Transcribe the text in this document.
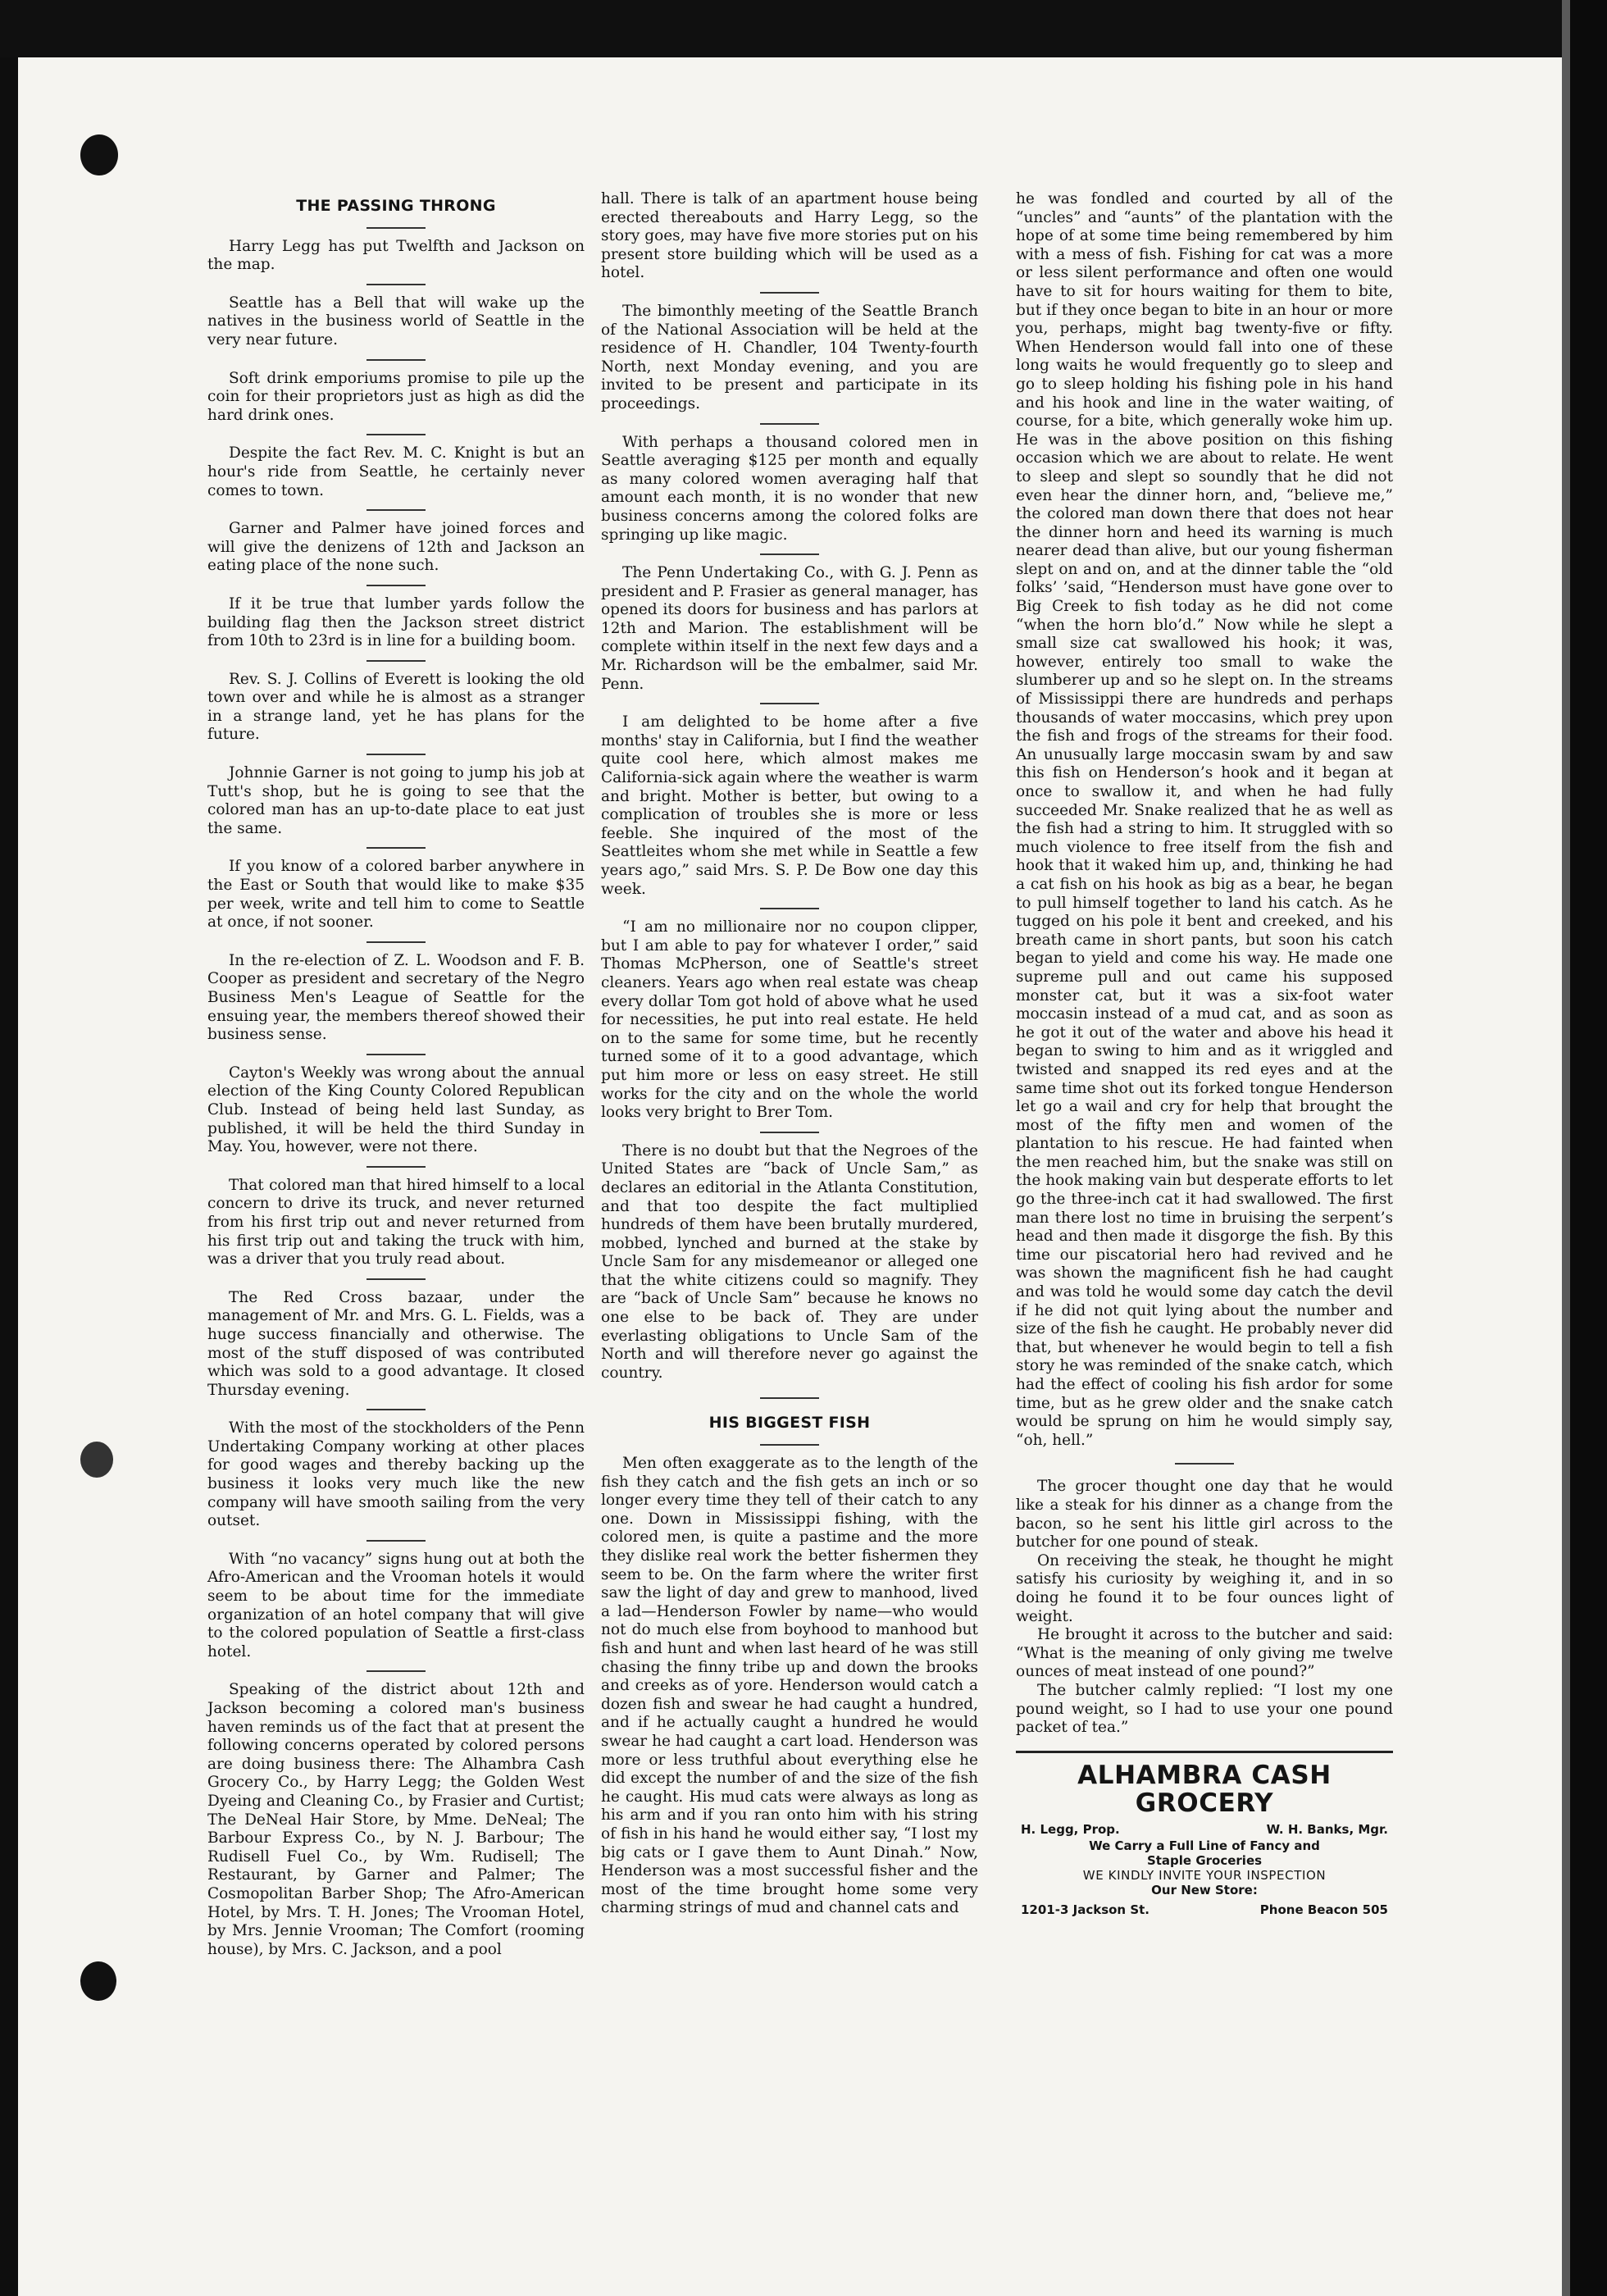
THE PASSING THRONG

Harry Legg has put Twelfth and Jackson on the map.

Seattle has a Bell that will wake up the natives in the business world of Seattle in the very near future.

Soft drink emporiums promise to pile up the coin for their proprietors just as high as did the hard drink ones.

Despite the fact Rev. M. C. Knight is but an hour's ride from Seattle, he certainly never comes to town.

Garner and Palmer have joined forces and will give the denizens of 12th and Jackson an eating place of the none such.

If it be true that lumber yards follow the building flag then the Jackson street district from 10th to 23rd is in line for a building boom.

Rev. S. J. Collins of Everett is looking the old town over and while he is almost as a stranger in a strange land, yet he has plans for the future.

Johnnie Garner is not going to jump his job at Tutt's shop, but he is going to see that the colored man has an up-to-date place to eat just the same.

If you know of a colored barber anywhere in the East or South that would like to make $35 per week, write and tell him to come to Seattle at once, if not sooner.

In the re-election of Z. L. Woodson and F. B. Cooper as president and secretary of the Negro Business Men's League of Seattle for the ensuing year, the members thereof showed their business sense.

Cayton's Weekly was wrong about the annual election of the King County Colored Republican Club. Instead of being held last Sunday, as published, it will be held the third Sunday in May. You, however, were not there.

That colored man that hired himself to a local concern to drive its truck, and never returned from his first trip out and never returned from his first trip out and taking the truck with him, was a driver that you truly read about.

The Red Cross bazaar, under the management of Mr. and Mrs. G. L. Fields, was a huge success financially and otherwise. The most of the stuff disposed of was contributed which was sold to a good advantage. It closed Thursday evening.

With the most of the stockholders of the Penn Undertaking Company working at other places for good wages and thereby backing up the business it looks very much like the new company will have smooth sailing from the very outset.

With “no vacancy” signs hung out at both the Afro-American and the Vrooman hotels it would seem to be about time for the immediate organization of an hotel company that will give to the colored population of Seattle a first-class hotel.

Speaking of the district about 12th and Jackson becoming a colored man's business haven reminds us of the fact that at present the following concerns operated by colored persons are doing business there: The Alhambra Cash Grocery Co., by Harry Legg; the Golden West Dyeing and Cleaning Co., by Frasier and Curtist; The DeNeal Hair Store, by Mme. DeNeal; The Barbour Express Co., by N. J. Barbour; The Rudisell Fuel Co., by Wm. Rudisell; The Restaurant, by Garner and Palmer; The Cosmopolitan Barber Shop; The Afro-American Hotel, by Mrs. T. H. Jones; The Vrooman Hotel, by Mrs. Jennie Vrooman; The Comfort (rooming house), by Mrs. C. Jackson, and a pool

hall. There is talk of an apartment house being erected thereabouts and Harry Legg, so the story goes, may have five more stories put on his present store building which will be used as a hotel.

The bimonthly meeting of the Seattle Branch of the National Association will be held at the residence of H. Chandler, 104 Twenty-fourth North, next Monday evening, and you are invited to be present and participate in its proceedings.

With perhaps a thousand colored men in Seattle averaging $125 per month and equally as many colored women averaging half that amount each month, it is no wonder that new business concerns among the colored folks are springing up like magic.

The Penn Undertaking Co., with G. J. Penn as president and P. Frasier as general manager, has opened its doors for business and has parlors at 12th and Marion. The establishment will be complete within itself in the next few days and a Mr. Richardson will be the embalmer, said Mr. Penn.

I am delighted to be home after a five months' stay in California, but I find the weather quite cool here, which almost makes me California-sick again where the weather is warm and bright. Mother is better, but owing to a complication of troubles she is more or less feeble. She inquired of the most of the Seattleites whom she met while in Seattle a few years ago,” said Mrs. S. P. De Bow one day this week.

“I am no millionaire nor no coupon clipper, but I am able to pay for whatever I order,” said Thomas McPherson, one of Seattle's street cleaners. Years ago when real estate was cheap every dollar Tom got hold of above what he used for necessities, he put into real estate. He held on to the same for some time, but he recently turned some of it to a good advantage, which put him more or less on easy street. He still works for the city and on the whole the world looks very bright to Brer Tom.

There is no doubt but that the Negroes of the United States are “back of Uncle Sam,” as declares an editorial in the Atlanta Constitution, and that too despite the fact multiplied hundreds of them have been brutally murdered, mobbed, lynched and burned at the stake by Uncle Sam for any misdemeanor or alleged one that the white citizens could so magnify. They are “back of Uncle Sam” because he knows no one else to be back of. They are under everlasting obligations to Uncle Sam of the North and will therefore never go against the country.

HIS BIGGEST FISH

Men often exaggerate as to the length of the fish they catch and the fish gets an inch or so longer every time they tell of their catch to any one. Down in Mississippi fishing, with the colored men, is quite a pastime and the more they dislike real work the better fishermen they seem to be. On the farm where the writer first saw the light of day and grew to manhood, lived a lad—Henderson Fowler by name—who would not do much else from boyhood to manhood but fish and hunt and when last heard of he was still chasing the finny tribe up and down the brooks and creeks as of yore. Henderson would catch a dozen fish and swear he had caught a hundred, and if he actually caught a hundred he would swear he had caught a cart load. Henderson was more or less truthful about everything else he did except the number of and the size of the fish he caught. His mud cats were always as long as his arm and if you ran onto him with his string of fish in his hand he would either say, “I lost my big cats or I gave them to Aunt Dinah.” Now, Henderson was a most successful fisher and the most of the time brought home some very charming strings of mud and channel cats and

he was fondled and courted by all of the “uncles” and “aunts” of the plantation with the hope of at some time being remembered by him with a mess of fish. Fishing for cat was a more or less silent performance and often one would have to sit for hours waiting for them to bite, but if they once began to bite in an hour or more you, perhaps, might bag twenty-five or fifty. When Henderson would fall into one of these long waits he would frequently go to sleep and go to sleep holding his fishing pole in his hand and his hook and line in the water waiting, of course, for a bite, which generally woke him up. He was in the above position on this fishing occasion which we are about to relate. He went to sleep and slept so soundly that he did not even hear the dinner horn, and, “believe me,” the colored man down there that does not hear the dinner horn and heed its warning is much nearer dead than alive, but our young fisherman slept on and on, and at the dinner table the “old folks’ ’said, “Henderson must have gone over to Big Creek to fish today as he did not come “when the horn blo’d.” Now while he slept a small size cat swallowed his hook; it was, however, entirely too small to wake the slumberer up and so he slept on. In the streams of Mississippi there are hundreds and perhaps thousands of water moccasins, which prey upon the fish and frogs of the streams for their food. An unusually large moccasin swam by and saw this fish on Henderson’s hook and it began at once to swallow it, and when he had fully succeeded Mr. Snake realized that he as well as the fish had a string to him. It struggled with so much violence to free itself from the fish and hook that it waked him up, and, thinking he had a cat fish on his hook as big as a bear, he began to pull himself together to land his catch. As he tugged on his pole it bent and creeked, and his breath came in short pants, but soon his catch began to yield and come his way. He made one supreme pull and out came his supposed monster cat, but it was a six-foot water moccasin instead of a mud cat, and as soon as he got it out of the water and above his head it began to swing to him and as it wriggled and twisted and snapped its red eyes and at the same time shot out its forked tongue Henderson let go a wail and cry for help that brought the most of the fifty men and women of the plantation to his rescue. He had fainted when the men reached him, but the snake was still on the hook making vain but desperate efforts to let go the three-inch cat it had swallowed. The first man there lost no time in bruising the serpent’s head and then made it disgorge the fish. By this time our piscatorial hero had revived and he was shown the magnificent fish he had caught and was told he would some day catch the devil if he did not quit lying about the number and size of the fish he caught. He probably never did that, but whenever he would begin to tell a fish story he was reminded of the snake catch, which had the effect of cooling his fish ardor for some time, but as he grew older and the snake catch would be sprung on him he would simply say, “oh, hell.”

The grocer thought one day that he would like a steak for his dinner as a change from the bacon, so he sent his little girl across to the butcher for one pound of steak.

On receiving the steak, he thought he might satisfy his curiosity by weighing it, and in so doing he found it to be four ounces light of weight.

He brought it across to the butcher and said: “What is the meaning of only giving me twelve ounces of meat instead of one pound?”

The butcher calmly replied: “I lost my one pound weight, so I had to use your one pound packet of tea.”

ALHAMBRA CASH GROCERY
H. Legg, Prop.	W. H. Banks, Mgr.
We Carry a Full Line of Fancy and
Staple Groceries
WE KINDLY INVITE YOUR INSPECTION
Our New Store:
1201-3 Jackson St.	Phone Beacon 505
